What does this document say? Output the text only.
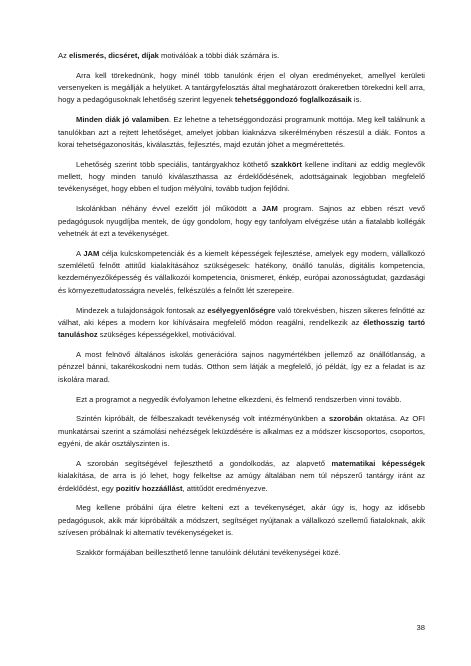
Az elismerés, dicséret, díjak motiválóak a többi diák számára is.

Arra kell törekednünk, hogy minél több tanulónk érjen el olyan eredményeket, amellyel kerületi versenyeken is megállják a helyüket. A tantárgyfelosztás által meghatározott órakeretben törekedni kell arra, hogy a pedagógusoknak lehetőség szerint legyenek tehetséggondozó foglalkozásaik is.

Minden diák jó valamiben. Ez lehetne a tehetséggondozási programunk mottója. Meg kell találnunk a tanulókban azt a rejtett lehetőséget, amelyet jobban kiaknázva sikerélményben részesül a diák. Fontos a korai tehetségazonosítás, kiválasztás, fejlesztés, majd ezután jöhet a megmérettetés.

Lehetőség szerint több speciális, tantárgyakhoz köthető szakkört kellene indítani az eddig meglevők mellett, hogy minden tanuló kiválaszthassa az érdeklődésének, adottságainak legjobban megfelelő tevékenységet, hogy ebben el tudjon mélyülni, tovább tudjon fejlődni.

Iskolánkban néhány évvel ezelőtt jól működött a JAM program. Sajnos az ebben részt vevő pedagógusok nyugdíjba mentek, de úgy gondolom, hogy egy tanfolyam elvégzése után a fiatalabb kollégák vehetnék át ezt a tevékenységet.

A JAM célja kulcskompetenciák és a kiemelt képességek fejlesztése, amelyek egy modern, vállalkozó szemléletű felnőtt attitűd kialakításához szükségesek: hatékony, önálló tanulás, digitális kompetencia, kezdeményezőképesség és vállalkozói kompetencia, önismeret, énkép, európai azonosságtudat, gazdasági és környezettudatosságra nevelés, felkészülés a felnőtt lét szerepeire.

Mindezek a tulajdonságok fontosak az esélyegyenlőségre való törekvésben, hiszen sikeres felnőtté az válhat, aki képes a modern kor kihívásaira megfelelő módon reagálni, rendelkezik az élethosszig tartó tanuláshoz szükséges képességekkel, motivációval.

A most felnövő általános iskolás generációra sajnos nagymértékben jellemző az önállótlanság, a pénzzel bánni, takarékoskodni nem tudás. Otthon sem látják a megfelelő, jó példát, így ez a feladat is az iskolára marad.

Ezt a programot a negyedik évfolyamon lehetne elkezdeni, és felmenő rendszerben vinni tovább.

Szintén kipróbált, de félbeszakadt tevékenység volt intézményünkben a szorobán oktatása. Az OFI munkatársai szerint a számolási nehézségek leküzdésére is alkalmas ez a módszer kiscsoportos, csoportos, egyéni, de akár osztályszinten is.

A szorobán segítségével fejleszthető a gondolkodás, az alapvető matematikai képességek kialakítása, de arra is jó lehet, hogy felkeltse az amúgy általában nem túl népszerű tantárgy iránt az érdeklődést, egy pozitív hozzáállást, attitűdöt eredményezve.

Meg kellene próbálni újra életre kelteni ezt a tevékenységet, akár úgy is, hogy az idősebb pedagógusok, akik már kipróbálták a módszert, segítséget nyújtanak a vállalkozó szellemű fiataloknak, akik szívesen próbálnak ki alternatív tevékenységeket is.

Szakkör formájában beilleszthető lenne tanulóink délutáni tevékenységei közé.

38
